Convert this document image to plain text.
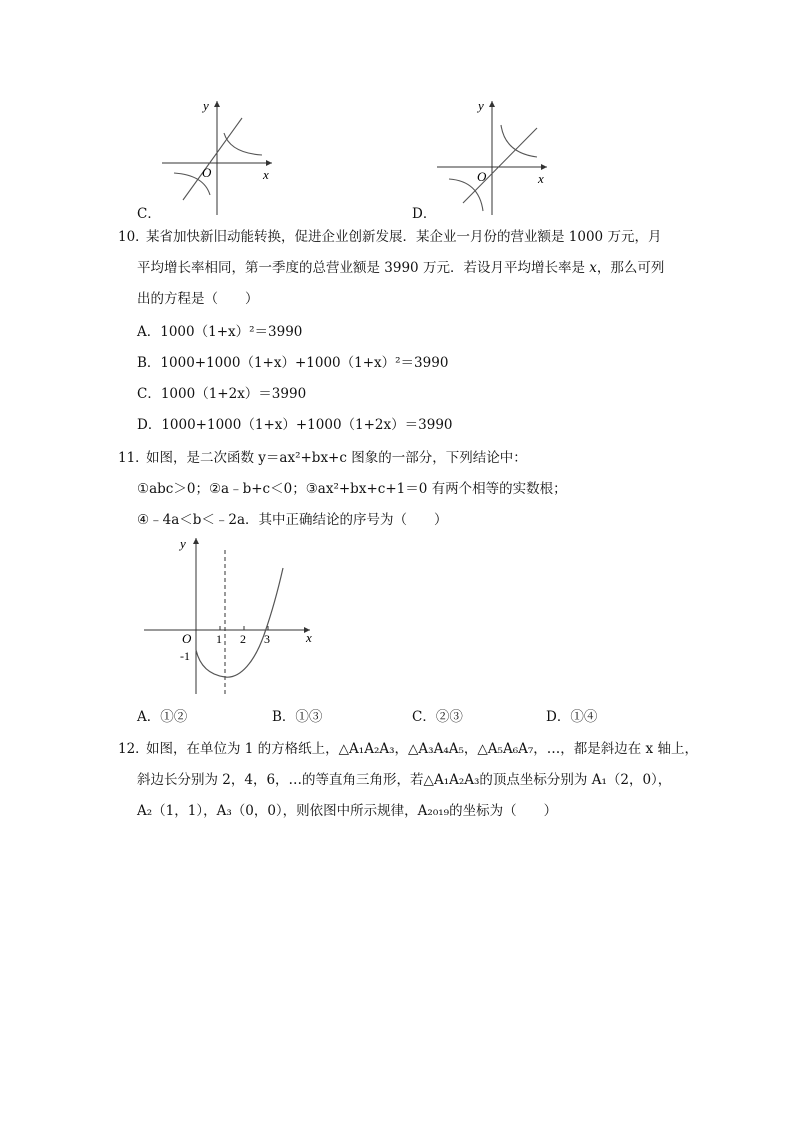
y
x
O
C．
y
x
O
D．
10．
某省加快新旧动能转换，促进企业创新发展．某企业一月份的营业额是 1000 万元，月
平均增长率相同，第一季度的总营业额是 3990 万元．若设月平均增长率是 x，那么可列
出的方程是（　　）
A．1000（1+x）²＝3990
B．1000+1000（1+x）+1000（1+x）²＝3990
C．1000（1+2x）＝3990
D．1000+1000（1+x）+1000（1+2x）＝3990
11．
如图，是二次函数 y＝ax²+bx+c 图象的一部分，下列结论中：
①abc＞0；②a﹣b+c＜0；③ax²+bx+c+1＝0 有两个相等的实数根；
④﹣4a＜b＜﹣2a．其中正确结论的序号为（　　）
y
x
O 1 2 3
-1
A．①②	B．①③	C．②③	D．①④
12．
如图，在单位为 1 的方格纸上，△A₁A₂A₃，△A₃A₄A₅，△A₅A₆A₇，…，都是斜边在 x 轴上，
斜边长分别为 2，4，6，…的等直角三角形，若△A₁A₂A₃的顶点坐标分别为 A₁（2，0），
A₂（1，1），A₃（0，0），则依图中所示规律，A₂₀₁₉的坐标为（　　）
